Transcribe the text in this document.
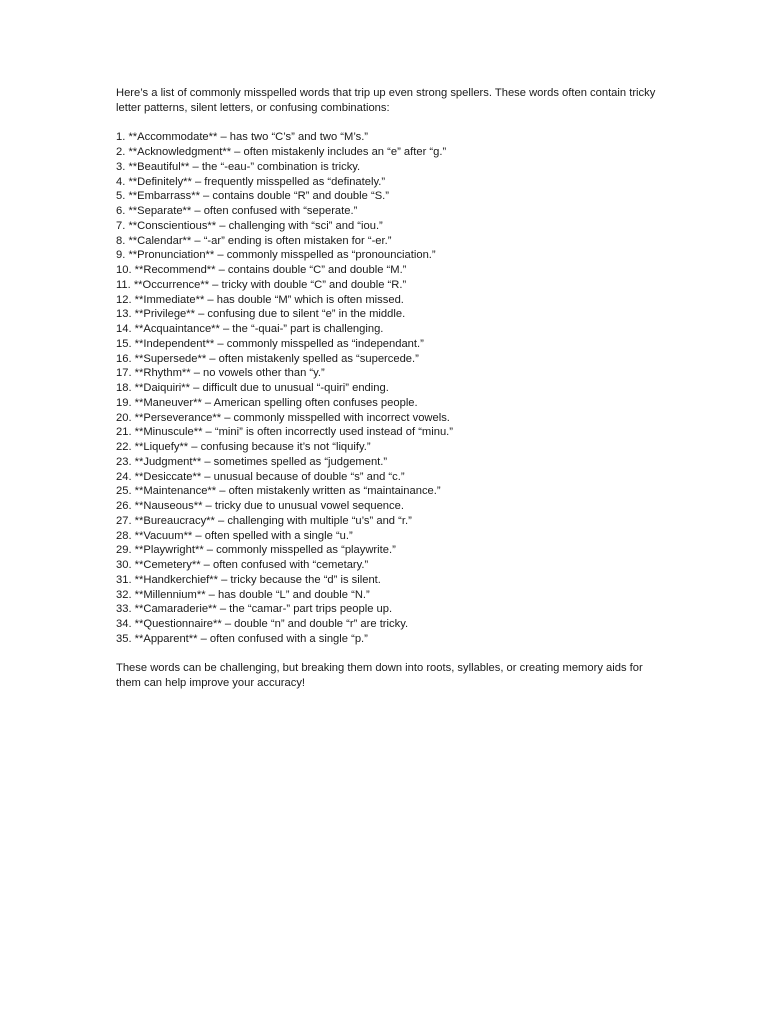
Here’s a list of commonly misspelled words that trip up even strong spellers. These words often contain tricky letter patterns, silent letters, or confusing combinations:

1. **Accommodate** – has two “C’s” and two “M’s.”
2. **Acknowledgment** – often mistakenly includes an “e” after “g.”
3. **Beautiful** – the “-eau-” combination is tricky.
4. **Definitely** – frequently misspelled as “definately.”
5. **Embarrass** – contains double “R” and double “S.”
6. **Separate** – often confused with “seperate.”
7. **Conscientious** – challenging with “sci” and “iou.”
8. **Calendar** – “-ar” ending is often mistaken for “-er.”
9. **Pronunciation** – commonly misspelled as “pronounciation.”
10. **Recommend** – contains double “C” and double “M.”
11. **Occurrence** – tricky with double “C” and double “R.”
12. **Immediate** – has double “M” which is often missed.
13. **Privilege** – confusing due to silent “e” in the middle.
14. **Acquaintance** – the “-quai-” part is challenging.
15. **Independent** – commonly misspelled as “independant.”
16. **Supersede** – often mistakenly spelled as “supercede.”
17. **Rhythm** – no vowels other than “y.”
18. **Daiquiri** – difficult due to unusual “-quiri” ending.
19. **Maneuver** – American spelling often confuses people.
20. **Perseverance** – commonly misspelled with incorrect vowels.
21. **Minuscule** – “mini” is often incorrectly used instead of “minu.”
22. **Liquefy** – confusing because it’s not “liquify.”
23. **Judgment** – sometimes spelled as “judgement.”
24. **Desiccate** – unusual because of double “s” and “c.”
25. **Maintenance** – often mistakenly written as “maintainance.”
26. **Nauseous** – tricky due to unusual vowel sequence.
27. **Bureaucracy** – challenging with multiple “u’s” and “r.”
28. **Vacuum** – often spelled with a single “u.”
29. **Playwright** – commonly misspelled as “playwrite.”
30. **Cemetery** – often confused with “cemetary.”
31. **Handkerchief** – tricky because the “d” is silent.
32. **Millennium** – has double “L” and double “N.”
33. **Camaraderie** – the “camar-” part trips people up.
34. **Questionnaire** – double “n” and double “r” are tricky.
35. **Apparent** – often confused with a single “p.”

These words can be challenging, but breaking them down into roots, syllables, or creating memory aids for them can help improve your accuracy!
